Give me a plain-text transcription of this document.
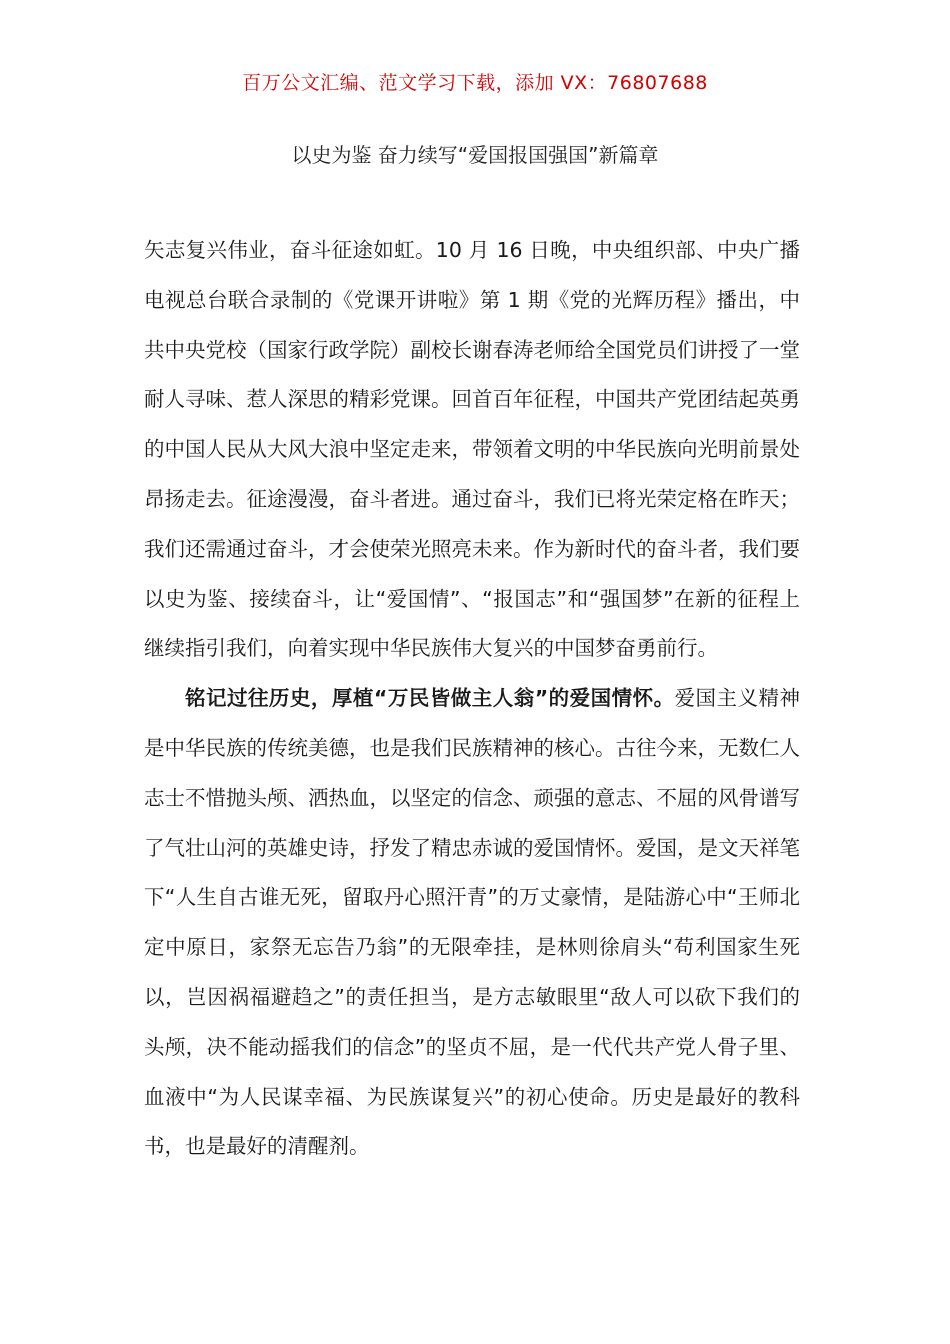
百万公文汇编、范文学习下载，添加 VX：76807688
以史为鉴 奋力续写“爱国报国强国”新篇章

矢志复兴伟业，奋斗征途如虹。10 月 16 日晚，中央组织部、中央广播电视总台联合录制的《党课开讲啦》第 1 期《党的光辉历程》播出，中共中央党校（国家行政学院）副校长谢春涛老师给全国党员们讲授了一堂耐人寻味、惹人深思的精彩党课。回首百年征程，中国共产党团结起英勇的中国人民从大风大浪中坚定走来，带领着文明的中华民族向光明前景处昂扬走去。征途漫漫，奋斗者进。通过奋斗，我们已将光荣定格在昨天；我们还需通过奋斗，才会使荣光照亮未来。作为新时代的奋斗者，我们要以史为鉴、接续奋斗，让“爱国情”、“报国志”和“强国梦”在新的征程上继续指引我们，向着实现中华民族伟大复兴的中国梦奋勇前行。

铭记过往历史，厚植“万民皆做主人翁”的爱国情怀。爱国主义精神是中华民族的传统美德，也是我们民族精神的核心。古往今来，无数仁人志士不惜抛头颅、洒热血，以坚定的信念、顽强的意志、不屈的风骨谱写了气壮山河的英雄史诗，抒发了精忠赤诚的爱国情怀。爱国，是文天祥笔下“人生自古谁无死，留取丹心照汗青”的万丈豪情，是陆游心中“王师北定中原日，家祭无忘告乃翁”的无限牵挂，是林则徐肩头“苟利国家生死以，岂因祸福避趋之”的责任担当，是方志敏眼里“敌人可以砍下我们的头颅，决不能动摇我们的信念”的坚贞不屈，是一代代共产党人骨子里、血液中“为人民谋幸福、为民族谋复兴”的初心使命。历史是最好的教科书，也是最好的清醒剂。
